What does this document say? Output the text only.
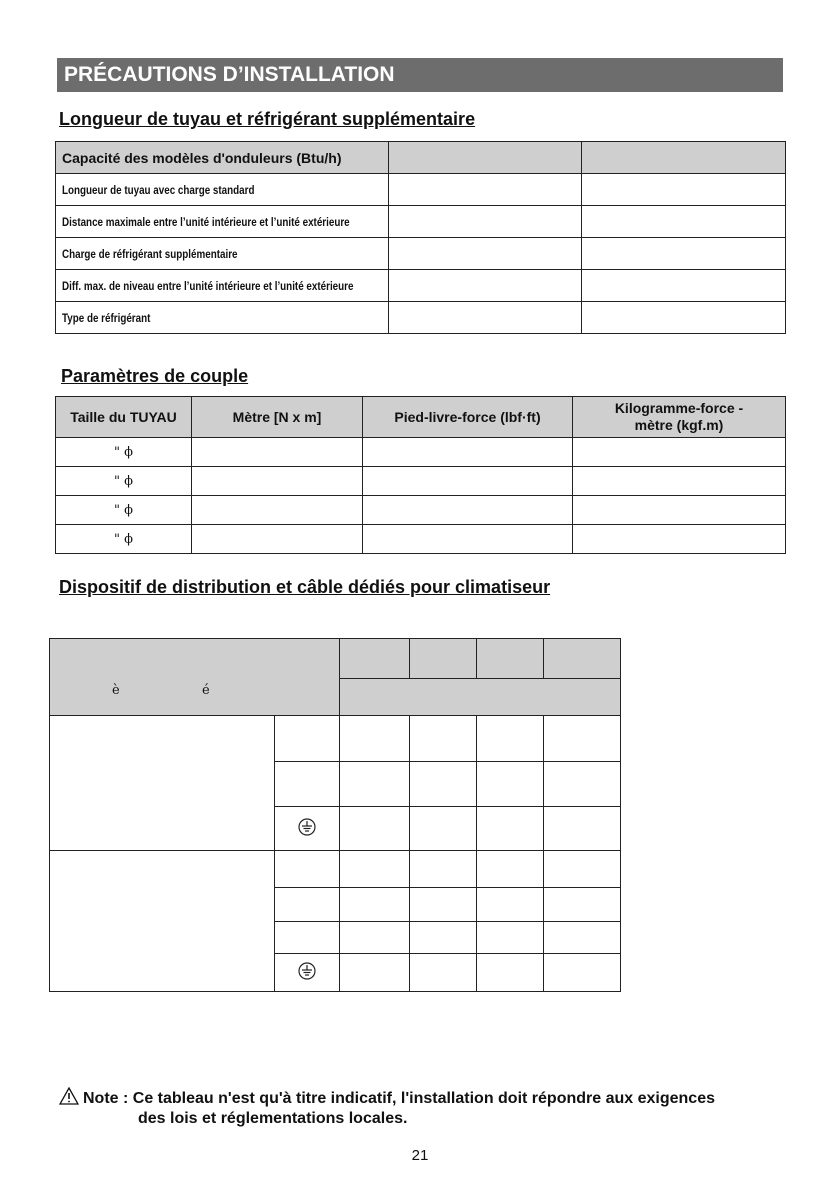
PRÉCAUTIONS D’INSTALLATION
Longueur de tuyau et réfrigérant supplémentaire
Capacité des modèles d'onduleurs (Btu/h)		
Longueur de tuyau avec charge standard		
Distance maximale entre l’unité intérieure et l’unité extérieure		
Charge de réfrigérant supplémentaire		
Diff. max. de niveau entre l’unité intérieure et l’unité extérieure		
Type de réfrigérant		
Paramètres de couple
Taille du TUYAU	Mètre [N x m]	Pied-livre-force (lbf·ft)	Kilogramme-force -
mètre (kgf.m)

" ϕ			
" ϕ			
" ϕ			
" ϕ			
Dispositif de distribution et câble dédiés pour climatiseur
è é					

Note : Ce tableau n'est qu'à titre indicatif, l'installation doit répondre aux exigences
des lois et réglementations locales.
21
